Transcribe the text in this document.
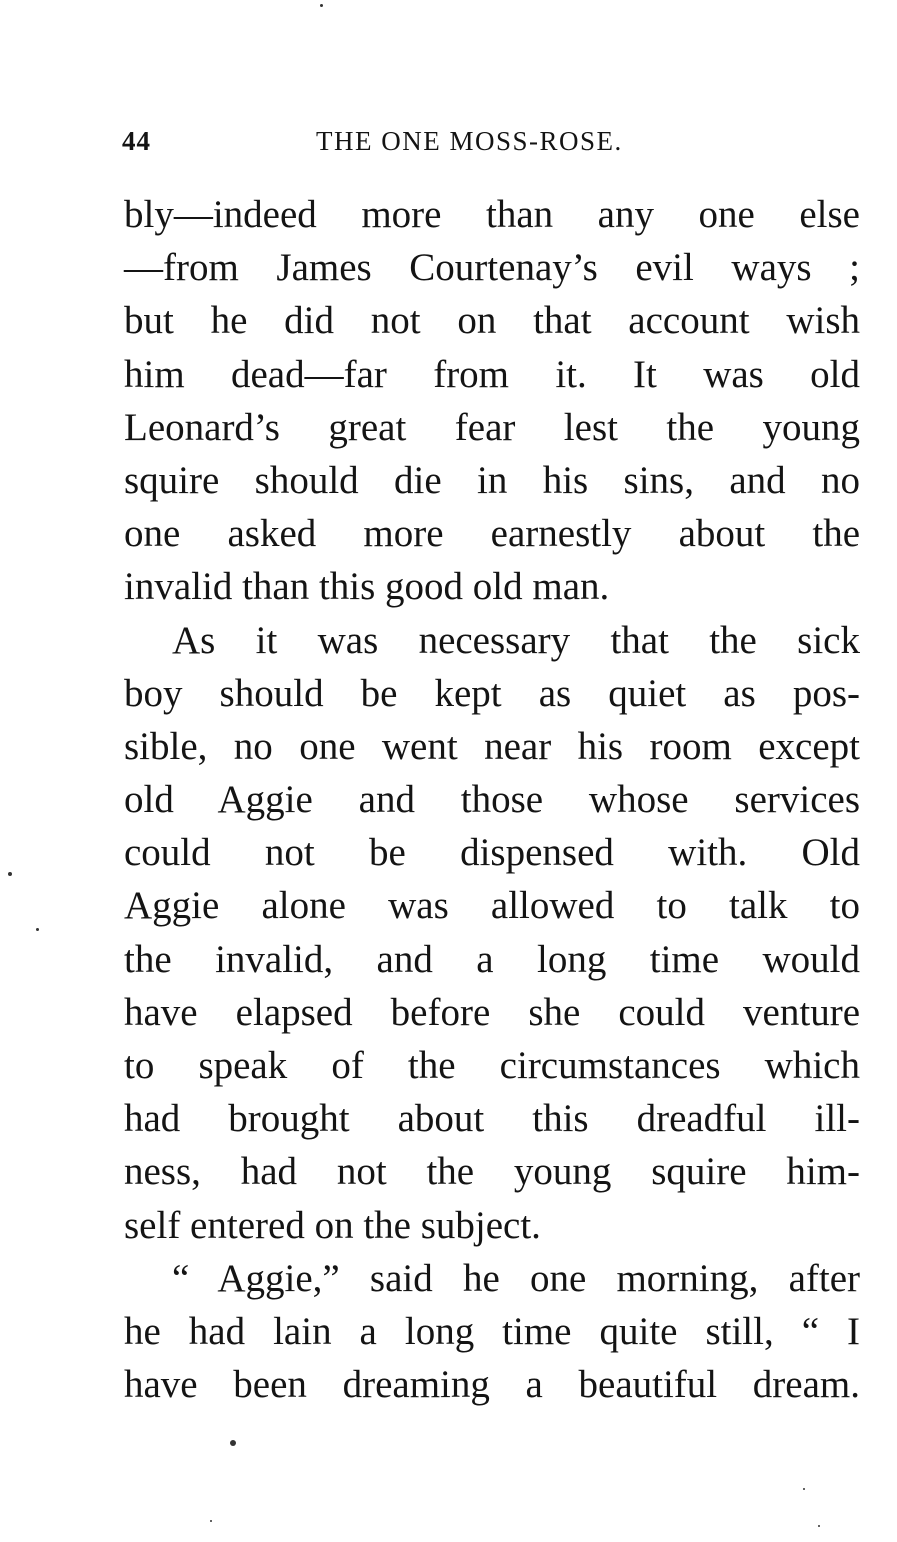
44	THE ONE MOSS-ROSE.
bly—indeed more than any one else
—from James Courtenay’s evil ways ;
but he did not on that account wish
him dead—far from it. It was old
Leonard’s great fear lest the young
squire should die in his sins, and no
one asked more earnestly about the
invalid than this good old man.
As it was necessary that the sick
boy should be kept as quiet as pos-
sible, no one went near his room except
old Aggie and those whose services
could not be dispensed with. Old
Aggie alone was allowed to talk to
the invalid, and a long time would
have elapsed before she could venture
to speak of the circumstances which
had brought about this dreadful ill-
ness, had not the young squire him-
self entered on the subject.
“ Aggie,” said he one morning, after
he had lain a long time quite still, “ I
have been dreaming a beautiful dream.
